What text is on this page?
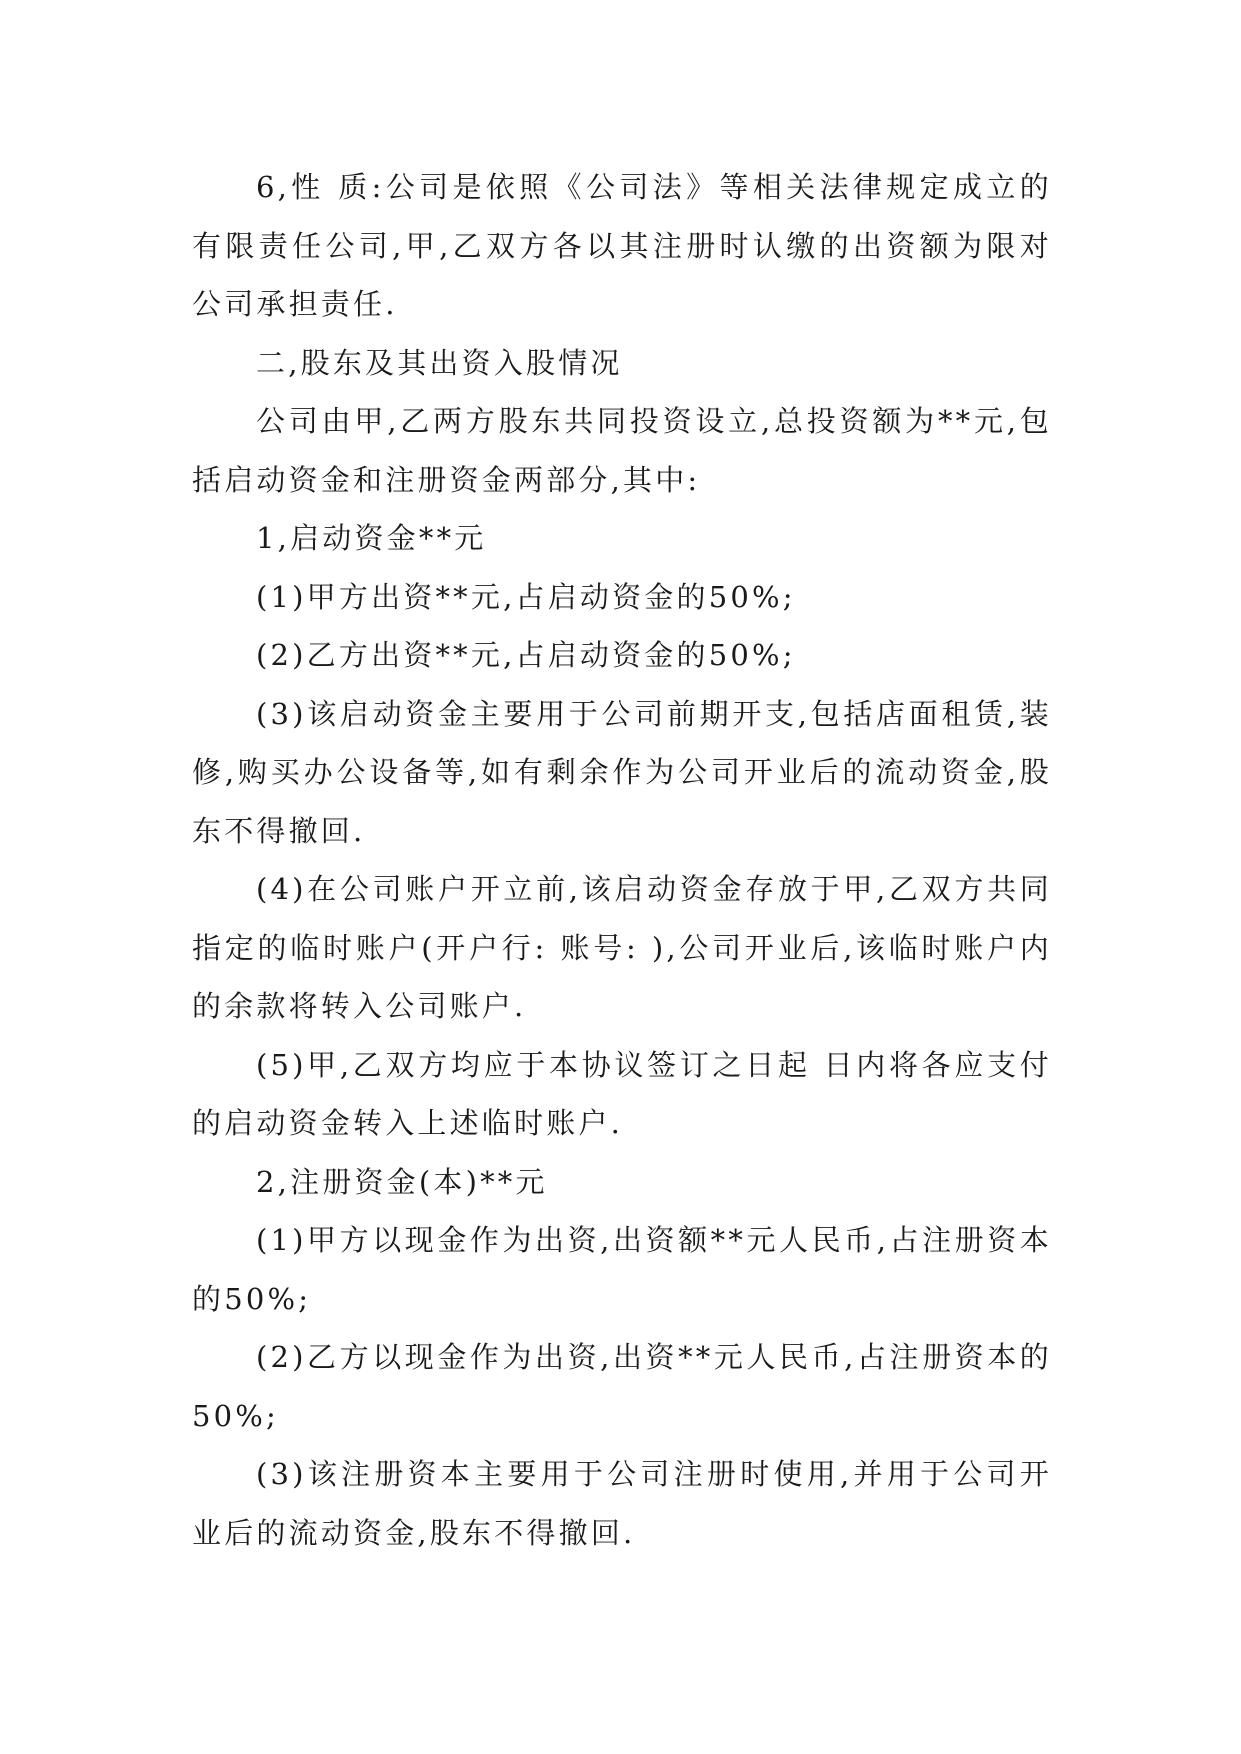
6,性 质:公司是依照《公司法》等相关法律规定成立的有限责任公司,甲,乙双方各以其注册时认缴的出资额为限对公司承担责任.

二,股东及其出资入股情况

公司由甲,乙两方股东共同投资设立,总投资额为**元,包括启动资金和注册资金两部分,其中:

1,启动资金**元

(1)甲方出资**元,占启动资金的50%;

(2)乙方出资**元,占启动资金的50%;

(3)该启动资金主要用于公司前期开支,包括店面租赁,装修,购买办公设备等,如有剩余作为公司开业后的流动资金,股东不得撤回.

(4)在公司账户开立前,该启动资金存放于甲,乙双方共同指定的临时账户(开户行: 账号: ),公司开业后,该临时账户内的余款将转入公司账户.

(5)甲,乙双方均应于本协议签订之日起 日内将各应支付的启动资金转入上述临时账户.

2,注册资金(本)**元

(1)甲方以现金作为出资,出资额**元人民币,占注册资本的50%;

(2)乙方以现金作为出资,出资**元人民币,占注册资本的50%;

(3)该注册资本主要用于公司注册时使用,并用于公司开业后的流动资金,股东不得撤回.
